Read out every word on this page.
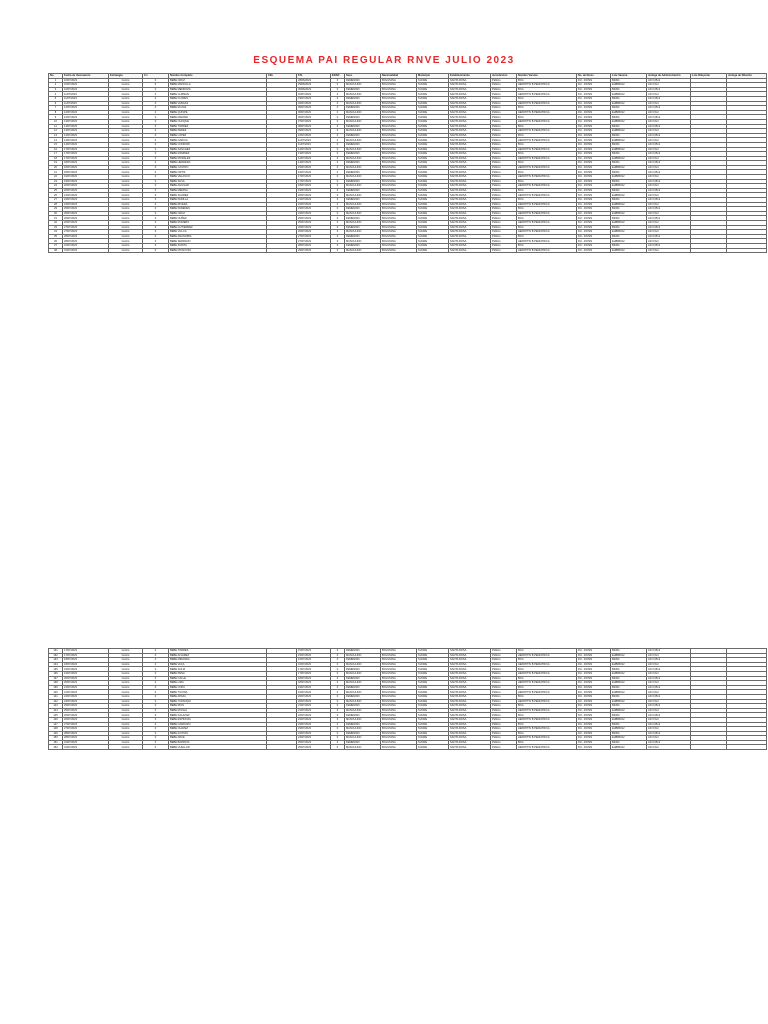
ESQUEMA PAI REGULAR RNVE JULIO 2023
No.	Fecha de Vacunación	Estrategia	C.I.	Nombre Completo	CEL	F.N.	EDAD	Sexo	Nacionalidad	Municipio	Establecimiento	Jurisdicción	Nombre Vacuna	No. de Dosis	Lote Vacuna	Jeringa de Administración	Lote Diluyente	Jeringa de Dilución
1	10/07/2023	Centro	0	BEBE CRUZ		28/06/2023	0	FEMENINO	BOLIVIANA	SUCRE	SANTA ROSA	Público	BCG	DU - DOSIS	B2304	AD 0,05ml		
2	10/07/2023	Centro	0	BEBE MANCILLA		29/06/2023	0	MASCULINO	BOLIVIANA	SUCRE	SANTA ROSA	Público	HEPATITIS B PEDIATRICA	DU - DOSIS	EHB80012	AD 0,5ml		
3	10/07/2023	Centro	0	BEBE MENDOZA		30/06/2023	0	FEMENINO	BOLIVIANA	SUCRE	SANTA ROSA	Público	BCG	DU - DOSIS	B2304	AD 0,05ml		
4	11/07/2023	Centro	0	BEBE GUZMAN		02/07/2023	0	MASCULINO	BOLIVIANA	SUCRE	SANTA ROSA	Público	HEPATITIS B PEDIATRICA	DU - DOSIS	EHB80012	AD 0,5ml		
5	11/07/2023	Centro	0	BEBE FLORES		03/07/2023	0	FEMENINO	BOLIVIANA	SUCRE	SANTA ROSA	Público	BCG	DU - DOSIS	B2304	AD 0,05ml		
6	11/07/2023	Centro	0	BEBE VARGAS		04/07/2023	0	MASCULINO	BOLIVIANA	SUCRE	SANTA ROSA	Público	HEPATITIS B PEDIATRICA	DU - DOSIS	EHB80012	AD 0,5ml		
7	12/07/2023	Centro	0	BEBE ROJAS		05/07/2023	0	FEMENINO	BOLIVIANA	SUCRE	SANTA ROSA	Público	BCG	DU - DOSIS	B2304	AD 0,05ml		
8	12/07/2023	Centro	0	BEBE QUISPE		06/07/2023	0	MASCULINO	BOLIVIANA	SUCRE	SANTA ROSA	Público	HEPATITIS B PEDIATRICA	DU - DOSIS	EHB80012	AD 0,5ml		
9	12/07/2023	Centro	0	BEBE MAMANI		06/07/2023	0	FEMENINO	BOLIVIANA	SUCRE	SANTA ROSA	Público	BCG	DU - DOSIS	B2304	AD 0,05ml		
10	13/07/2023	Centro	0	BEBE CHOQUE		07/07/2023	0	MASCULINO	BOLIVIANA	SUCRE	SANTA ROSA	Público	HEPATITIS B PEDIATRICA	DU - DOSIS	EHB80012	AD 0,5ml		
11	13/07/2023	Centro	0	BEBE TORREZ		08/07/2023	0	FEMENINO	BOLIVIANA	SUCRE	SANTA ROSA	Público	BCG	DU - DOSIS	B2304	AD 0,05ml		
12	13/07/2023	Centro	0	BEBE PEREZ		09/07/2023	0	MASCULINO	BOLIVIANA	SUCRE	SANTA ROSA	Público	HEPATITIS B PEDIATRICA	DU - DOSIS	EHB80012	AD 0,5ml		
13	14/07/2023	Centro	0	BEBE LOPEZ		10/07/2023	0	FEMENINO	BOLIVIANA	SUCRE	SANTA ROSA	Público	BCG	DU - DOSIS	B2304	AD 0,05ml		
14	14/07/2023	Centro	0	BEBE GARCIA		11/07/2023	0	MASCULINO	BOLIVIANA	SUCRE	SANTA ROSA	Público	HEPATITIS B PEDIATRICA	DU - DOSIS	EHB80012	AD 0,5ml		
15	14/07/2023	Centro	0	BEBE CONDORI		11/07/2023	0	FEMENINO	BOLIVIANA	SUCRE	SANTA ROSA	Público	BCG	DU - DOSIS	B2304	AD 0,05ml		
16	17/07/2023	Centro	0	BEBE SANCHEZ		12/07/2023	0	MASCULINO	BOLIVIANA	SUCRE	SANTA ROSA	Público	HEPATITIS B PEDIATRICA	DU - DOSIS	EHB80012	AD 0,5ml		
17	17/07/2023	Centro	0	BEBE RAMIREZ		13/07/2023	0	FEMENINO	BOLIVIANA	SUCRE	SANTA ROSA	Público	BCG	DU - DOSIS	B2304	AD 0,05ml		
18	17/07/2023	Centro	0	BEBE MORALES		14/07/2023	0	MASCULINO	BOLIVIANA	SUCRE	SANTA ROSA	Público	HEPATITIS B PEDIATRICA	DU - DOSIS	EHB80012	AD 0,5ml		
19	18/07/2023	Centro	0	BEBE HERRERA		14/07/2023	0	FEMENINO	BOLIVIANA	SUCRE	SANTA ROSA	Público	BCG	DU - DOSIS	B2304	AD 0,05ml		
20	18/07/2023	Centro	0	BEBE CASTRO		15/07/2023	0	MASCULINO	BOLIVIANA	SUCRE	SANTA ROSA	Público	HEPATITIS B PEDIATRICA	DU - DOSIS	EHB80012	AD 0,5ml		
21	18/07/2023	Centro	0	BEBE ORTIZ		16/07/2023	0	FEMENINO	BOLIVIANA	SUCRE	SANTA ROSA	Público	BCG	DU - DOSIS	B2304	AD 0,05ml		
22	19/07/2023	Centro	0	BEBE VELASCO		17/07/2023	0	MASCULINO	BOLIVIANA	SUCRE	SANTA ROSA	Público	HEPATITIS B PEDIATRICA	DU - DOSIS	EHB80012	AD 0,5ml		
23	19/07/2023	Centro	0	BEBE SILVA		17/07/2023	0	FEMENINO	BOLIVIANA	SUCRE	SANTA ROSA	Público	BCG	DU - DOSIS	B2304	AD 0,05ml		
24	20/07/2023	Centro	0	BEBE AGUILAR		18/07/2023	0	MASCULINO	BOLIVIANA	SUCRE	SANTA ROSA	Público	HEPATITIS B PEDIATRICA	DU - DOSIS	EHB80012	AD 0,5ml		
25	20/07/2023	Centro	0	BEBE MEDINA		19/07/2023	0	FEMENINO	BOLIVIANA	SUCRE	SANTA ROSA	Público	BCG	DU - DOSIS	B2304	AD 0,05ml		
26	21/07/2023	Centro	0	BEBE SUAREZ		20/07/2023	0	MASCULINO	BOLIVIANA	SUCRE	SANTA ROSA	Público	HEPATITIS B PEDIATRICA	DU - DOSIS	EHB80012	AD 0,5ml		
27	24/07/2023	Centro	0	BEBE PADILLA		21/07/2023	0	FEMENINO	BOLIVIANA	SUCRE	SANTA ROSA	Público	BCG	DU - DOSIS	B2304	AD 0,05ml		
28	24/07/2023	Centro	0	BEBE RIVERA		22/07/2023	0	MASCULINO	BOLIVIANA	SUCRE	SANTA ROSA	Público	HEPATITIS B PEDIATRICA	DU - DOSIS	EHB80012	AD 0,5ml		
29	25/07/2023	Centro	0	BEBE PAREDES		23/07/2023	0	FEMENINO	BOLIVIANA	SUCRE	SANTA ROSA	Público	BCG	DU - DOSIS	B2304	AD 0,05ml		
30	25/07/2023	Centro	0	BEBE CRUZ		24/07/2023	0	MASCULINO	BOLIVIANA	SUCRE	SANTA ROSA	Público	HEPATITIS B PEDIATRICA	DU - DOSIS	EHB80012	AD 0,5ml		
31	26/07/2023	Centro	0	BEBE NUÑEZ		25/07/2023	0	FEMENINO	BOLIVIANA	SUCRE	SANTA ROSA	Público	BCG	DU - DOSIS	B2304	AD 0,05ml		
32	26/07/2023	Centro	0	BEBE ROMERO		25/07/2023	0	MASCULINO	BOLIVIANA	SUCRE	SANTA ROSA	Público	HEPATITIS B PEDIATRICA	DU - DOSIS	EHB80012	AD 0,5ml		
33	27/07/2023	Centro	0	BEBE GUTIERREZ		26/07/2023	0	FEMENINO	BOLIVIANA	SUCRE	SANTA ROSA	Público	BCG	DU - DOSIS	B2304	AD 0,05ml		
34	27/07/2023	Centro	0	BEBE VILLCA		26/07/2023	0	MASCULINO	BOLIVIANA	SUCRE	SANTA ROSA	Público	HEPATITIS B PEDIATRICA	DU - DOSIS	EHB80012	AD 0,5ml		
35	28/07/2023	Centro	0	BEBE ARANCIBIA		27/07/2023	0	FEMENINO	BOLIVIANA	SUCRE	SANTA ROSA	Público	BCG	DU - DOSIS	B2304	AD 0,05ml		
36	28/07/2023	Centro	0	BEBE SERRANO		27/07/2023	0	MASCULINO	BOLIVIANA	SUCRE	SANTA ROSA	Público	HEPATITIS B PEDIATRICA	DU - DOSIS	EHB80012	AD 0,5ml		
37	31/07/2023	Centro	0	BEBE ZURITA		28/07/2023	0	FEMENINO	BOLIVIANA	SUCRE	SANTA ROSA	Público	BCG	DU - DOSIS	B2304	AD 0,05ml		
38	31/07/2023	Centro	0	BEBE MOSCOSO		29/07/2023	0	MASCULINO	BOLIVIANA	SUCRE	SANTA ROSA	Público	HEPATITIS B PEDIATRICA	DU - DOSIS	EHB80012	AD 0,5ml		
131	17/07/2023	Centro	0	BEBE TORRES		15/07/2023	0	FEMENINO	BOLIVIANA	SUCRE	SANTA ROSA	Público	BCG	DU - DOSIS	B2304	AD 0,05ml		
132	17/07/2023	Centro	0	BEBE ALVAREZ		15/07/2023	0	MASCULINO	BOLIVIANA	SUCRE	SANTA ROSA	Público	HEPATITIS B PEDIATRICA	DU - DOSIS	EHB80012	AD 0,5ml		
133	18/07/2023	Centro	0	BEBE MIRANDA		16/07/2023	0	FEMENINO	BOLIVIANA	SUCRE	SANTA ROSA	Público	BCG	DU - DOSIS	B2304	AD 0,05ml		
134	18/07/2023	Centro	0	BEBE VACA		16/07/2023	0	MASCULINO	BOLIVIANA	SUCRE	SANTA ROSA	Público	HEPATITIS B PEDIATRICA	DU - DOSIS	EHB80012	AD 0,5ml		
135	19/07/2023	Centro	0	BEBE SOLIZ		17/07/2023	0	FEMENINO	BOLIVIANA	SUCRE	SANTA ROSA	Público	BCG	DU - DOSIS	B2304	AD 0,05ml		
136	19/07/2023	Centro	0	BEBE PEÑA		17/07/2023	0	MASCULINO	BOLIVIANA	SUCRE	SANTA ROSA	Público	HEPATITIS B PEDIATRICA	DU - DOSIS	EHB80012	AD 0,5ml		
137	20/07/2023	Centro	0	BEBE CALLE		18/07/2023	0	FEMENINO	BOLIVIANA	SUCRE	SANTA ROSA	Público	BCG	DU - DOSIS	B2304	AD 0,05ml		
138	20/07/2023	Centro	0	BEBE LIMA		18/07/2023	0	MASCULINO	BOLIVIANA	SUCRE	SANTA ROSA	Público	HEPATITIS B PEDIATRICA	DU - DOSIS	EHB80012	AD 0,5ml		
139	21/07/2023	Centro	0	BEBE COPA		19/07/2023	0	FEMENINO	BOLIVIANA	SUCRE	SANTA ROSA	Público	BCG	DU - DOSIS	B2304	AD 0,05ml		
140	21/07/2023	Centro	0	BEBE TICONA		19/07/2023	0	MASCULINO	BOLIVIANA	SUCRE	SANTA ROSA	Público	HEPATITIS B PEDIATRICA	DU - DOSIS	EHB80012	AD 0,5ml		
141	24/07/2023	Centro	0	BEBE APAZA		20/07/2023	0	FEMENINO	BOLIVIANA	SUCRE	SANTA ROSA	Público	BCG	DU - DOSIS	B2304	AD 0,05ml		
142	24/07/2023	Centro	0	BEBE YUPANQUI		20/07/2023	0	MASCULINO	BOLIVIANA	SUCRE	SANTA ROSA	Público	HEPATITIS B PEDIATRICA	DU - DOSIS	EHB80012	AD 0,5ml		
143	25/07/2023	Centro	0	BEBE RIOS		21/07/2023	0	FEMENINO	BOLIVIANA	SUCRE	SANTA ROSA	Público	BCG	DU - DOSIS	B2304	AD 0,05ml		
144	25/07/2023	Centro	0	BEBE ROCHA		21/07/2023	0	MASCULINO	BOLIVIANA	SUCRE	SANTA ROSA	Público	HEPATITIS B PEDIATRICA	DU - DOSIS	EHB80012	AD 0,5ml		
145	26/07/2023	Centro	0	BEBE SALAZAR		22/07/2023	0	FEMENINO	BOLIVIANA	SUCRE	SANTA ROSA	Público	BCG	DU - DOSIS	B2304	AD 0,05ml		
146	26/07/2023	Centro	0	BEBE ESPINOZA		22/07/2023	0	MASCULINO	BOLIVIANA	SUCRE	SANTA ROSA	Público	HEPATITIS B PEDIATRICA	DU - DOSIS	EHB80012	AD 0,5ml		
147	27/07/2023	Centro	0	BEBE CARDOZO		23/07/2023	0	FEMENINO	BOLIVIANA	SUCRE	SANTA ROSA	Público	BCG	DU - DOSIS	B2304	AD 0,05ml		
148	27/07/2023	Centro	0	BEBE CHAVEZ		23/07/2023	0	MASCULINO	BOLIVIANA	SUCRE	SANTA ROSA	Público	HEPATITIS B PEDIATRICA	DU - DOSIS	EHB80012	AD 0,5ml		
149	28/07/2023	Centro	0	BEBE ACOSTA		24/07/2023	0	FEMENINO	BOLIVIANA	SUCRE	SANTA ROSA	Público	BCG	DU - DOSIS	B2304	AD 0,05ml		
150	28/07/2023	Centro	0	BEBE ARCE		24/07/2023	0	MASCULINO	BOLIVIANA	SUCRE	SANTA ROSA	Público	HEPATITIS B PEDIATRICA	DU - DOSIS	EHB80012	AD 0,5ml		
151	31/07/2023	Centro	0	BEBE BARRIOS		25/07/2023	0	FEMENINO	BOLIVIANA	SUCRE	SANTA ROSA	Público	BCG	DU - DOSIS	B2304	AD 0,05ml		
152	31/07/2023	Centro	0	BEBE CUELLAR		25/07/2023	0	MASCULINO	BOLIVIANA	SUCRE	SANTA ROSA	Público	HEPATITIS B PEDIATRICA	DU - DOSIS	EHB80012	AD 0,5ml		
